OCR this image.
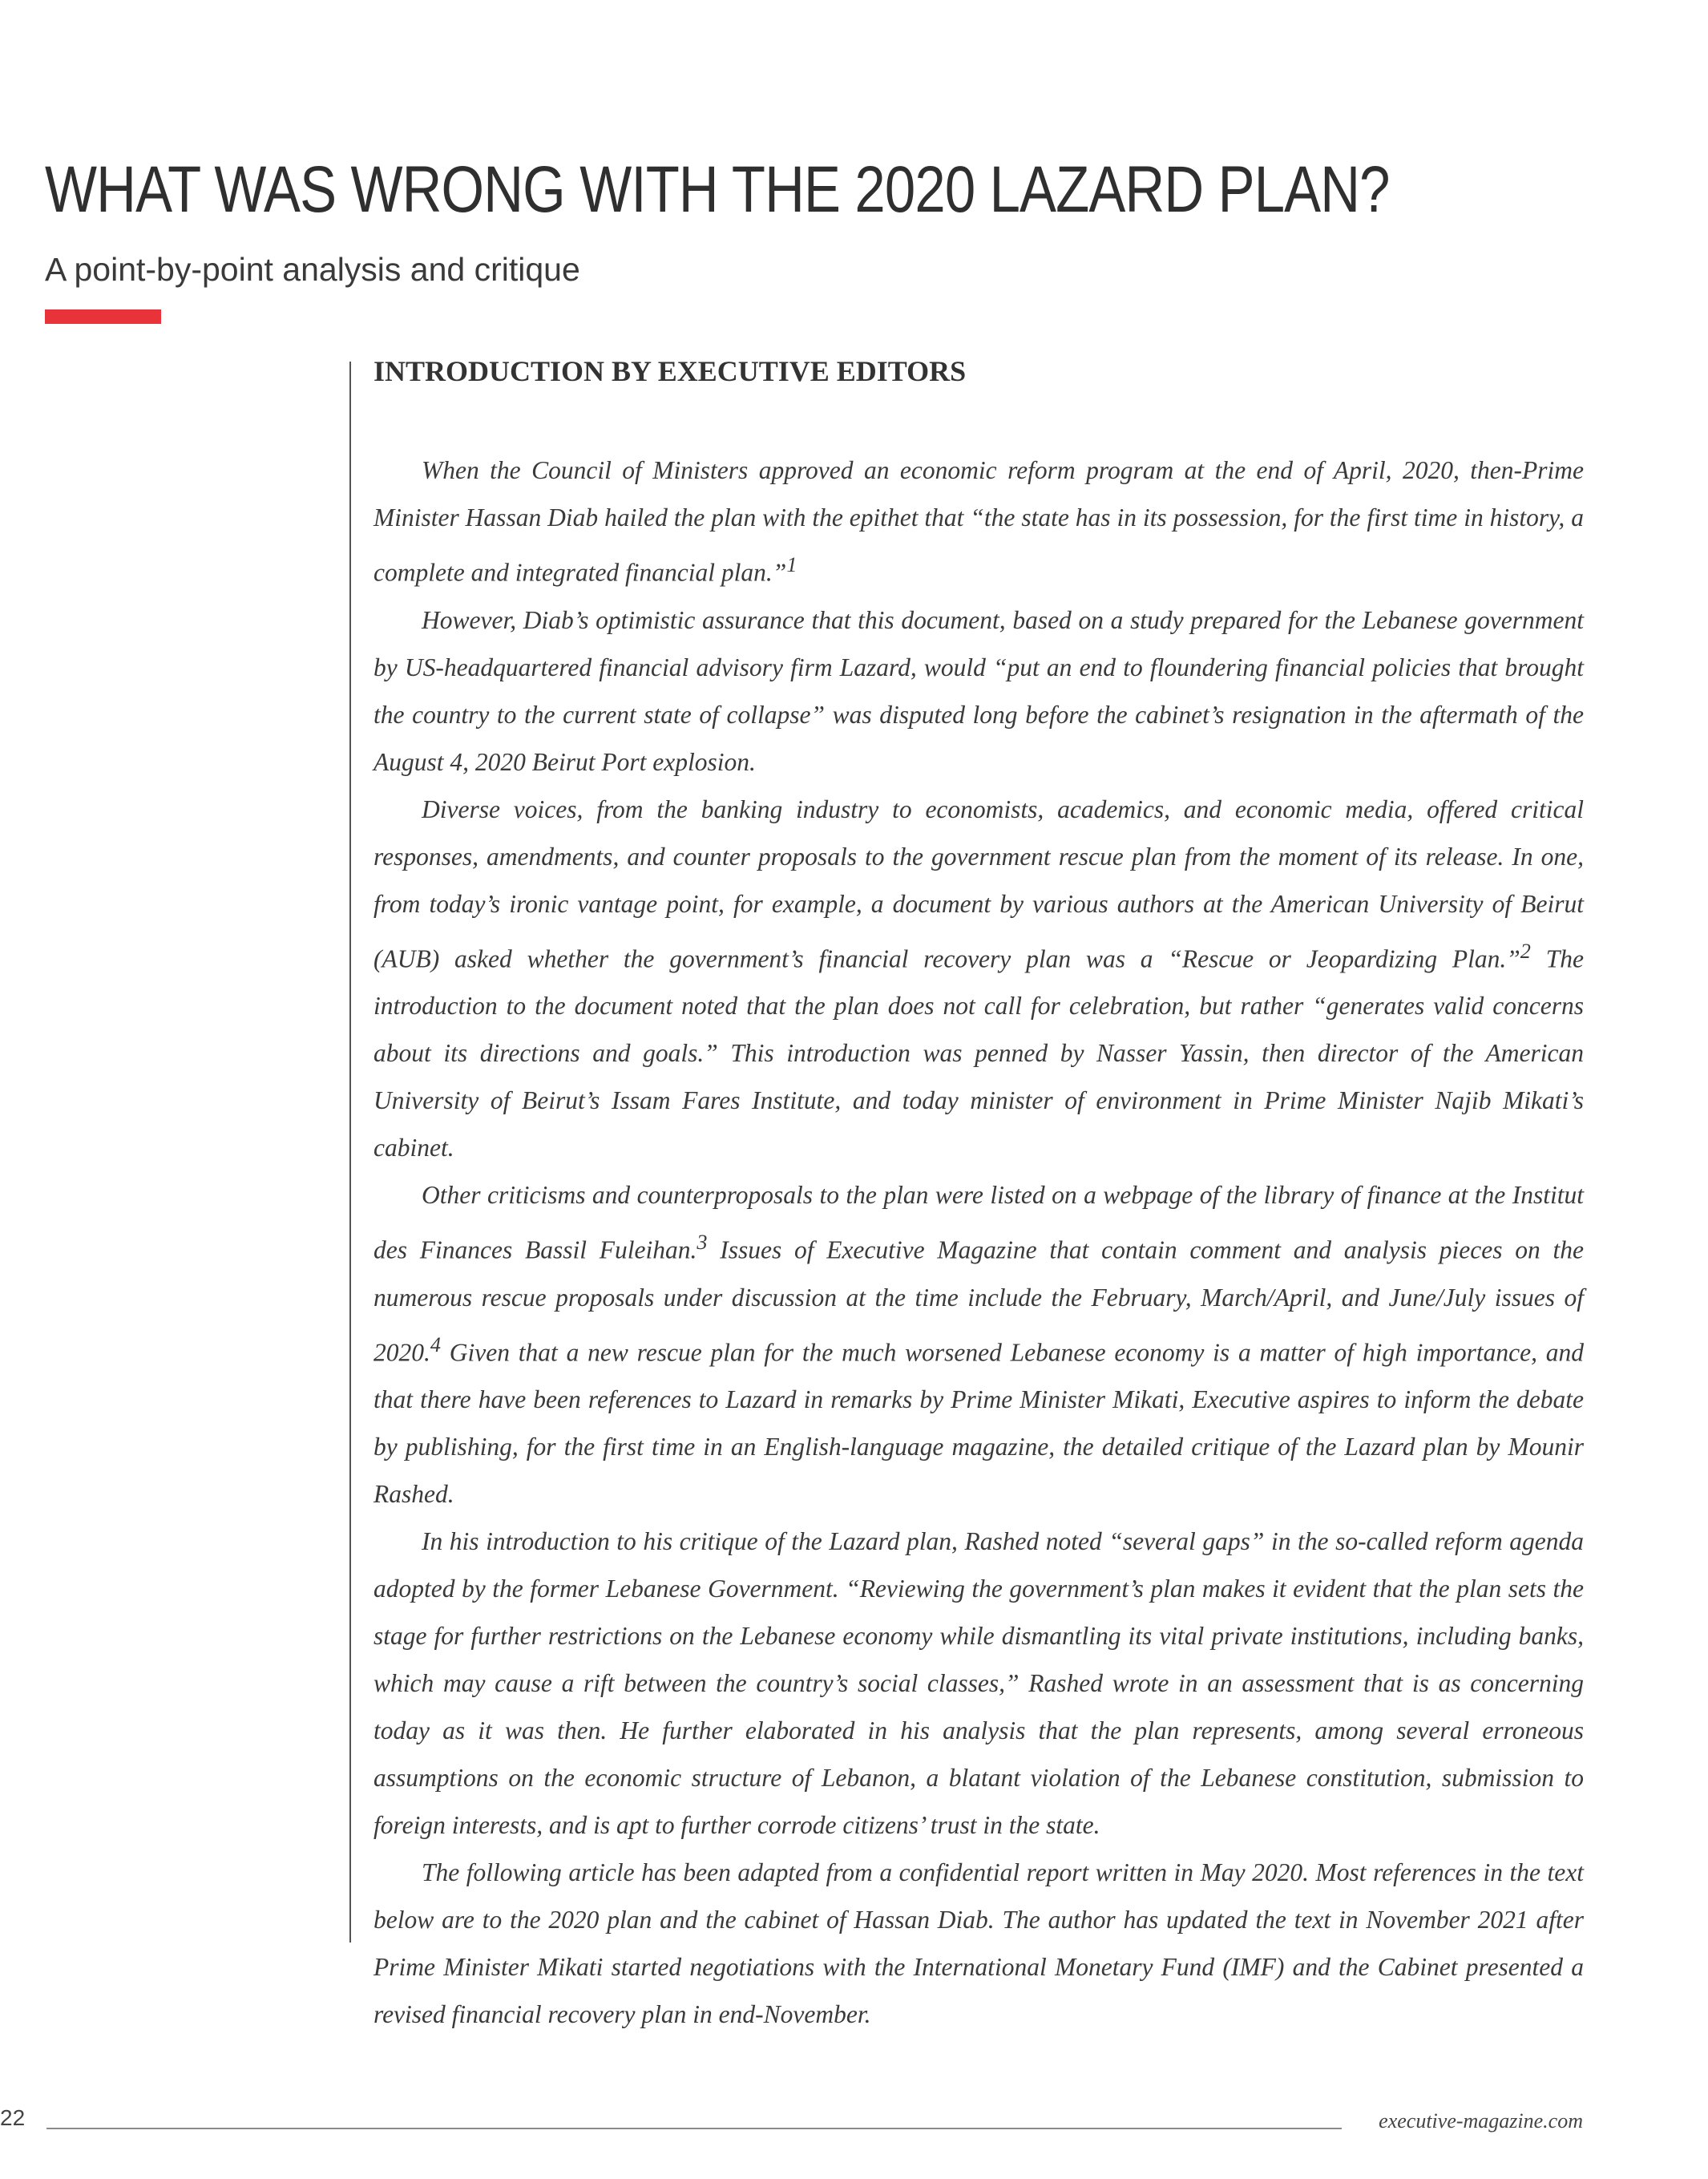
WHAT WAS WRONG WITH THE 2020 LAZARD PLAN?
A point-by-point analysis and critique
INTRODUCTION BY EXECUTIVE EDITORS

When the Council of Ministers approved an economic reform program at the end of April, 2020, then-Prime Minister Hassan Diab hailed the plan with the epithet that “the state has in its possession, for the first time in history, a complete and integrated financial plan.”$^1$

However, Diab’s optimistic assurance that this document, based on a study prepared for the Lebanese government by US-headquartered financial advisory firm Lazard, would “put an end to floundering financial policies that brought the country to the current state of collapse” was disputed long before the cabinet’s resignation in the aftermath of the August 4, 2020 Beirut Port explosion.

Diverse voices, from the banking industry to economists, academics, and economic media, offered critical responses, amendments, and counter proposals to the government rescue plan from the moment of its release. In one, from today’s ironic vantage point, for example, a document by various authors at the American University of Beirut (AUB) asked whether the government’s financial recovery plan was a “Rescue or Jeopardizing Plan.”$^2$ The introduction to the document noted that the plan does not call for celebration, but rather “generates valid concerns about its directions and goals.” This introduction was penned by Nasser Yassin, then director of the American University of Beirut’s Issam Fares Institute, and today minister of environment in Prime Minister Najib Mikati’s cabinet.

Other criticisms and counterproposals to the plan were listed on a webpage of the library of finance at the Institut des Finances Bassil Fuleihan.$^3$ Issues of Executive Magazine that contain comment and analysis pieces on the numerous rescue proposals under discussion at the time include the February, March/April, and June/July issues of 2020.$^4$ Given that a new rescue plan for the much worsened Lebanese economy is a matter of high importance, and that there have been references to Lazard in remarks by Prime Minister Mikati, Executive aspires to inform the debate by publishing, for the first time in an English-language magazine, the detailed critique of the Lazard plan by Mounir Rashed.

In his introduction to his critique of the Lazard plan, Rashed noted “several gaps” in the so-called reform agenda adopted by the former Lebanese Government. “Reviewing the government’s plan makes it evident that the plan sets the stage for further restrictions on the Lebanese economy while dismantling its vital private institutions, including banks, which may cause a rift between the country’s social classes,” Rashed wrote in an assessment that is as concerning today as it was then. He further elaborated in his analysis that the plan represents, among several erroneous assumptions on the economic structure of Lebanon, a blatant violation of the Lebanese constitution, submission to foreign interests, and is apt to further corrode citizens’ trust in the state.

The following article has been adapted from a confidential report written in May 2020. Most references in the text below are to the 2020 plan and the cabinet of Hassan Diab. The author has updated the text in November 2021 after Prime Minister Mikati started negotiations with the International Monetary Fund (IMF) and the Cabinet presented a revised financial recovery plan in end-November.

22	executive-magazine.com
